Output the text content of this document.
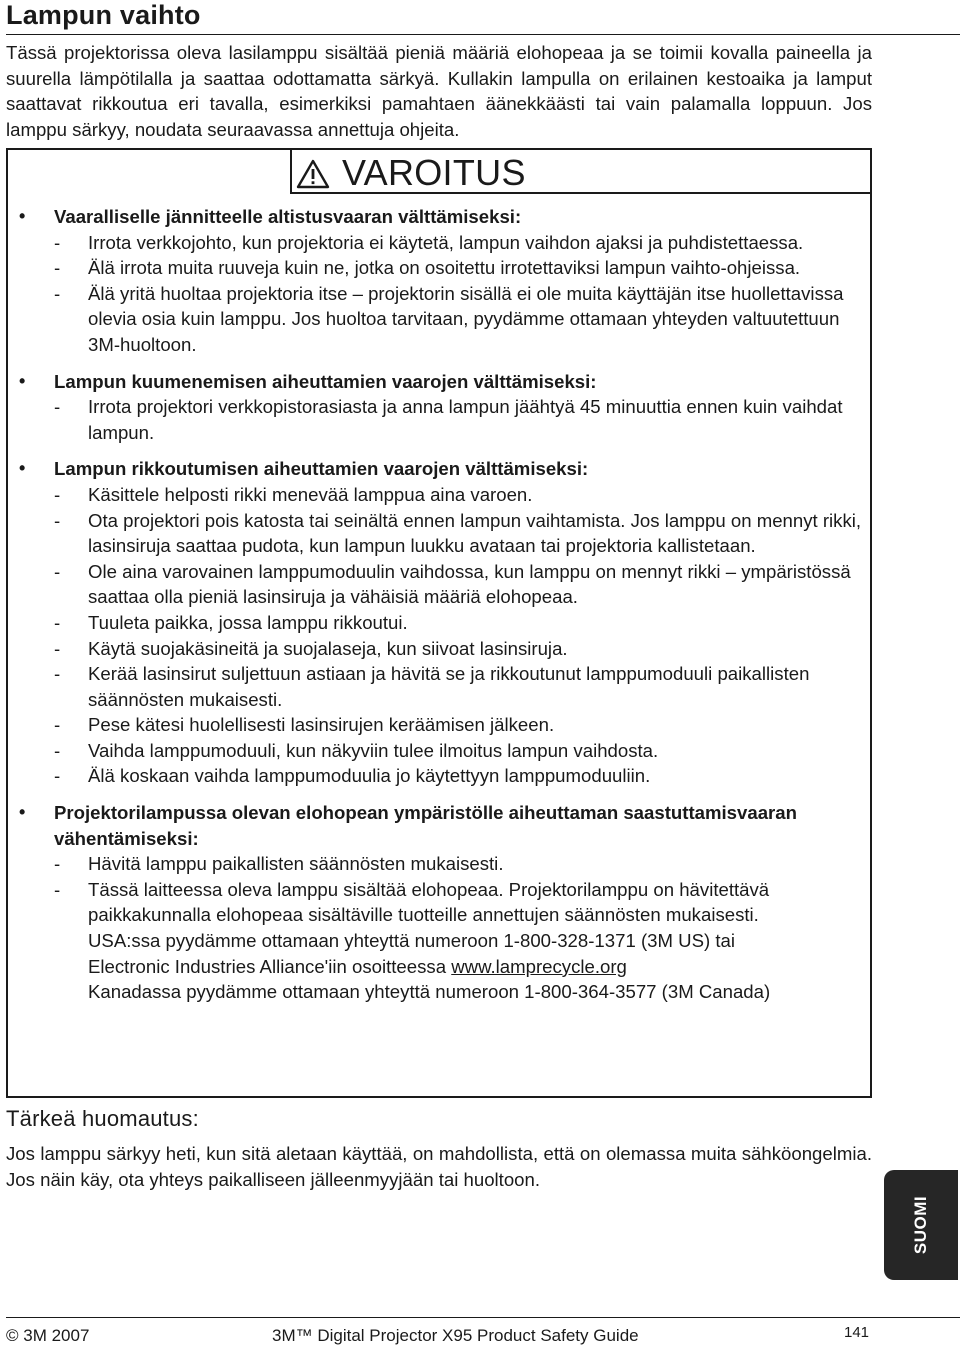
Lampun vaihto

Tässä projektorissa oleva lasilamppu sisältää pieniä määriä elohopeaa ja se toimii kovalla paineella ja suurella lämpötilalla ja saattaa odottamatta särkyä. Kullakin lampulla on erilainen kestoaika ja lamput saattavat rikkoutua eri tavalla, esimerkiksi pamahtaen äänekkäästi tai vain palamalla loppuun. Jos lamppu särkyy, noudata seuraavassa annettuja ohjeita.

VAROITUS
• Vaaralliselle jännitteelle altistusvaaran välttämiseksi:
- Irrota verkkojohto, kun projektoria ei käytetä, lampun vaihdon ajaksi ja puhdistettaessa.
- Älä irrota muita ruuveja kuin ne, jotka on osoitettu irrotettaviksi lampun vaihto-ohjeissa.
- Älä yritä huoltaa projektoria itse – projektorin sisällä ei ole muita käyttäjän itse huollettavissa olevia osia kuin lamppu. Jos huoltoa tarvitaan, pyydämme ottamaan yhteyden valtuutettuun 3M-huoltoon.
• Lampun kuumenemisen aiheuttamien vaarojen välttämiseksi:
- Irrota projektori verkkopistorasiasta ja anna lampun jäähtyä 45 minuuttia ennen kuin vaihdat lampun.
• Lampun rikkoutumisen aiheuttamien vaarojen välttämiseksi:
- Käsittele helposti rikki menevää lamppua aina varoen.
- Ota projektori pois katosta tai seinältä ennen lampun vaihtamista. Jos lamppu on mennyt rikki, lasinsiruja saattaa pudota, kun lampun luukku avataan tai projektoria kallistetaan.
- Ole aina varovainen lamppumoduulin vaihdossa, kun lamppu on mennyt rikki – ympäristössä saattaa olla pieniä lasinsiruja ja vähäisiä määriä elohopeaa.
- Tuuleta paikka, jossa lamppu rikkoutui.
- Käytä suojakäsineitä ja suojalaseja, kun siivoat lasinsiruja.
- Kerää lasinsirut suljettuun astiaan ja hävitä se ja rikkoutunut lamppumoduuli paikallisten säännösten mukaisesti.
- Pese kätesi huolellisesti lasinsirujen keräämisen jälkeen.
- Vaihda lamppumoduuli, kun näkyviin tulee ilmoitus lampun vaihdosta.
- Älä koskaan vaihda lamppumoduulia jo käytettyyn lamppumoduuliin.
• Projektorilampussa olevan elohopean ympäristölle aiheuttaman saastuttamisvaaran vähentämiseksi:
- Hävitä lamppu paikallisten säännösten mukaisesti.
- Tässä laitteessa oleva lamppu sisältää elohopeaa. Projektorilamppu on hävitettävä paikkakunnalla elohopeaa sisältäville tuotteille annettujen säännösten mukaisesti.
USA:ssa pyydämme ottamaan yhteyttä numeroon 1-800-328-1371 (3M US) tai
Electronic Industries Alliance'iin osoitteessa www.lamprecycle.org
Kanadassa pyydämme ottamaan yhteyttä numeroon 1-800-364-3577 (3M Canada)
Tärkeä huomautus:

Jos lamppu särkyy heti, kun sitä aletaan käyttää, on mahdollista, että on olemassa muita sähköongelmia. Jos näin käy, ota yhteys paikalliseen jälleenmyyjään tai huoltoon.

SUOMI
© 3M 2007	3M™ Digital Projector X95 Product Safety Guide	141
